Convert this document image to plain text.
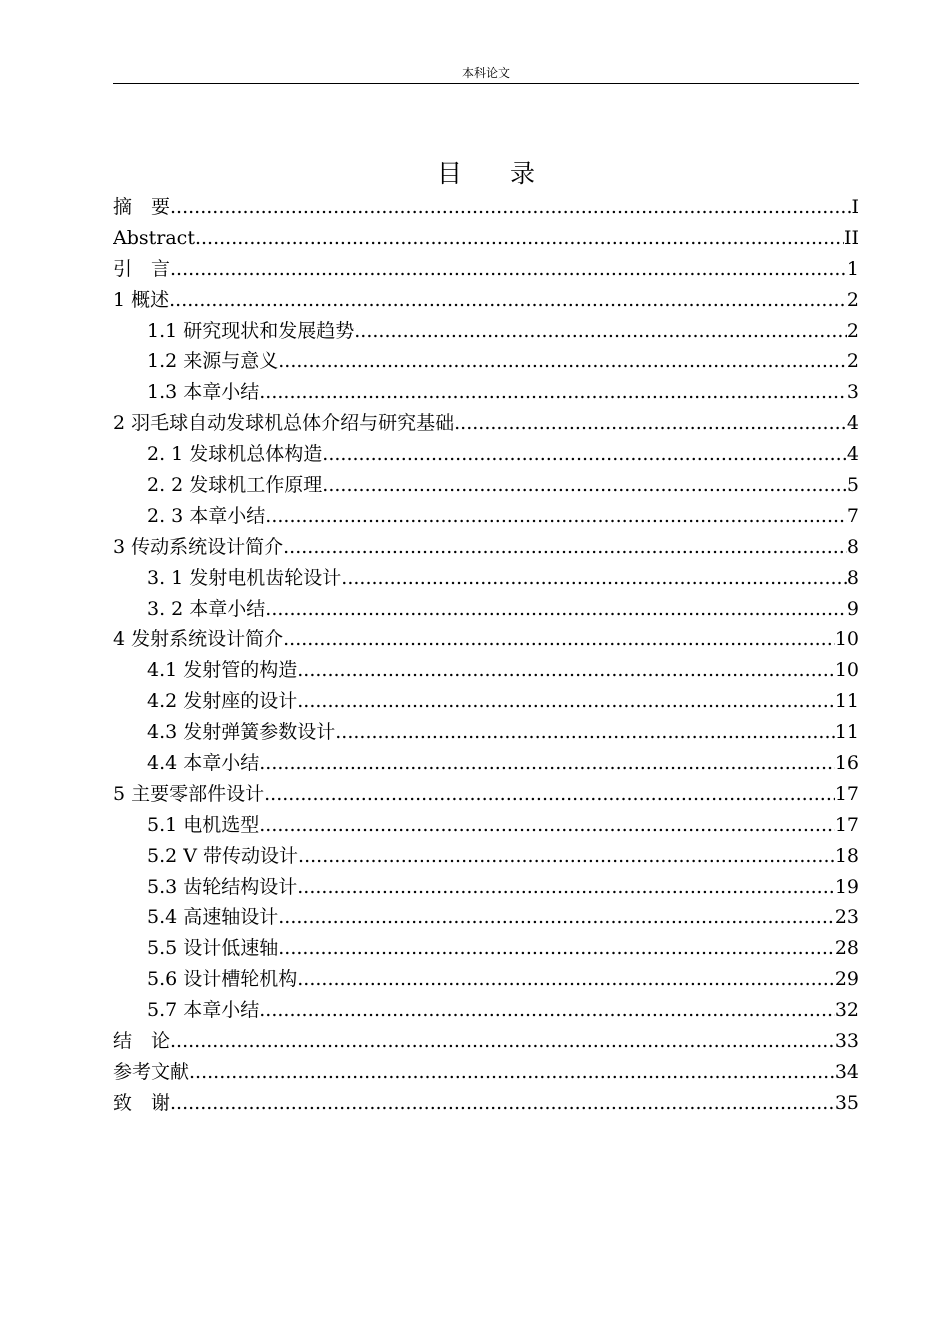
本科论文
目 录
摘　要 .....	I
Abstract .....	II
引　言 .....	1
1 概述 .....	2
1.1 研究现状和发展趋势 .....	2
1.2 来源与意义 .....	2
1.3 本章小结 .....	3
2 羽毛球自动发球机总体介绍与研究基础 .....	4
2. 1 发球机总体构造 .....	4
2. 2 发球机工作原理 .....	5
2. 3 本章小结 .....	7
3 传动系统设计简介 .....	8
3. 1 发射电机齿轮设计 .....	8
3. 2 本章小结 .....	9
4 发射系统设计简介 .....	10
4.1 发射管的构造 .....	10
4.2 发射座的设计 .....	11
4.3 发射弹簧参数设计 .....	11
4.4 本章小结 .....	16
5 主要零部件设计 .....	17
5.1 电机选型 .....	17
5.2 V 带传动设计 .....	18
5.3 齿轮结构设计 .....	19
5.4 高速轴设计 .....	23
5.5 设计低速轴 .....	28
5.6 设计槽轮机构 .....	29
5.7 本章小结 .....	32
结　论 .....	33
参考文献 .....	34
致　谢 .....	35
